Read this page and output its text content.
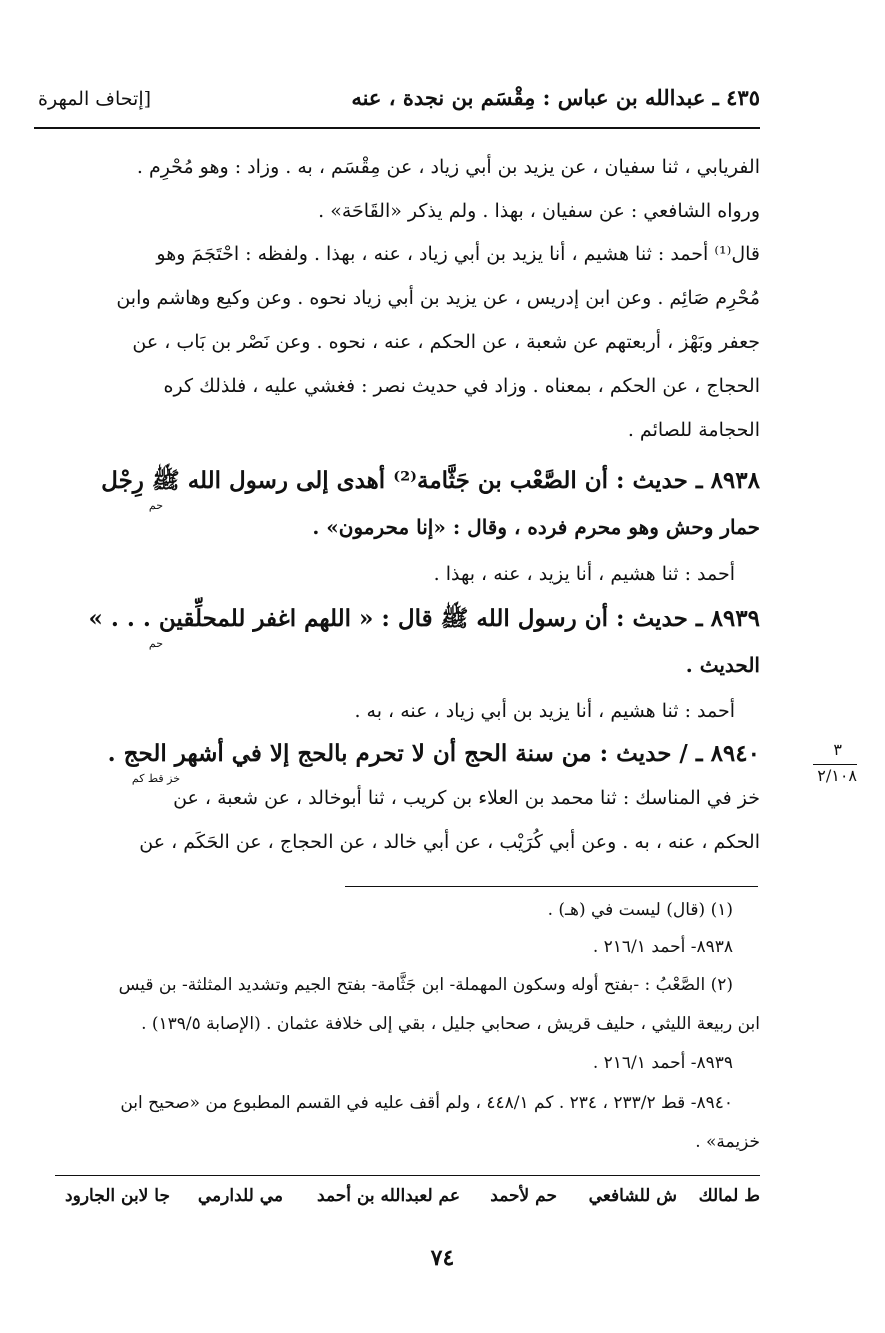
٤٣٥ ـ عبدالله بن عباس : مِقْسَم بن نجدة ، عنه
[إتحاف المهرة
الفريابي ، ثنا سفيان ، عن يزيد بن أبي زياد ، عن مِقْسَم ، به . وزاد : وهو مُحْرِم .
ورواه الشافعي : عن سفيان ، بهذا . ولم يذكر «القَاحَة» .
قال⁽¹⁾ أحمد : ثنا هشيم ، أنا يزيد بن أبي زياد ، عنه ، بهذا . ولفظه : احْتَجَمَ وهو
مُحْرِم صَائِم . وعن ابن إدريس ، عن يزيد بن أبي زياد نحوه . وعن وكيع وهاشم وابن
جعفر وبَهْز ، أربعتهم عن شعبة ، عن الحكم ، عنه ، نحوه . وعن نَصْر بن بَاب ، عن
الحجاج ، عن الحكم ، بمعناه . وزاد في حديث نصر : فغشي عليه ، فلذلك كره
الحجامة للصائم .
٨٩٣٨ ـ حديث : أن الصَّعْب بن جَثَّامة⁽²⁾ أهدى إلى رسول الله ﷺ رِجْل
حم
حمار وحش وهو محرم فرده ، وقال : «إنا محرمون» .
أحمد : ثنا هشيم ، أنا يزيد ، عنه ، بهذا .
٨٩٣٩ ـ حديث : أن رسول الله ﷺ قال : « اللهم اغفر للمحلِّقين . . . »
حم
الحديث .
أحمد : ثنا هشيم ، أنا يزيد بن أبي زياد ، عنه ، به .
٨٩٤٠ ـ / حديث : من سنة الحج أن لا تحرم بالحج إلا في أشهر الحج .
خز قط كم
خز في المناسك : ثنا محمد بن العلاء بن كريب ، ثنا أبوخالد ، عن شعبة ، عن
الحكم ، عنه ، به . وعن أبي كُرَيْب ، عن أبي خالد ، عن الحجاج ، عن الحَكَم ، عن
٣
٢/١٠٨
(١) (قال) ليست في (هـ) .
٨٩٣٨- أحمد ٢١٦/١ .
(٢) الصَّعْبُ : -بفتح أوله وسكون المهملة- ابن جَثَّامة- بفتح الجيم وتشديد المثلثة- بن قيس
ابن ربيعة الليثي ، حليف قريش ، صحابي جليل ، بقي إلى خلافة عثمان . (الإصابة ١٣٩/٥) .
٨٩٣٩- أحمد ٢١٦/١ .
٨٩٤٠- قط ٢٣٣/٢ ، ٢٣٤ . كم ٤٤٨/١ ، ولم أقف عليه في القسم المطبوع من «صحيح ابن
خزيمة» .
ط لمالك
ش للشافعي
حم لأحمد
عم لعبدالله بن أحمد
مي للدارمي
جا لابن الجارود
٧٤
